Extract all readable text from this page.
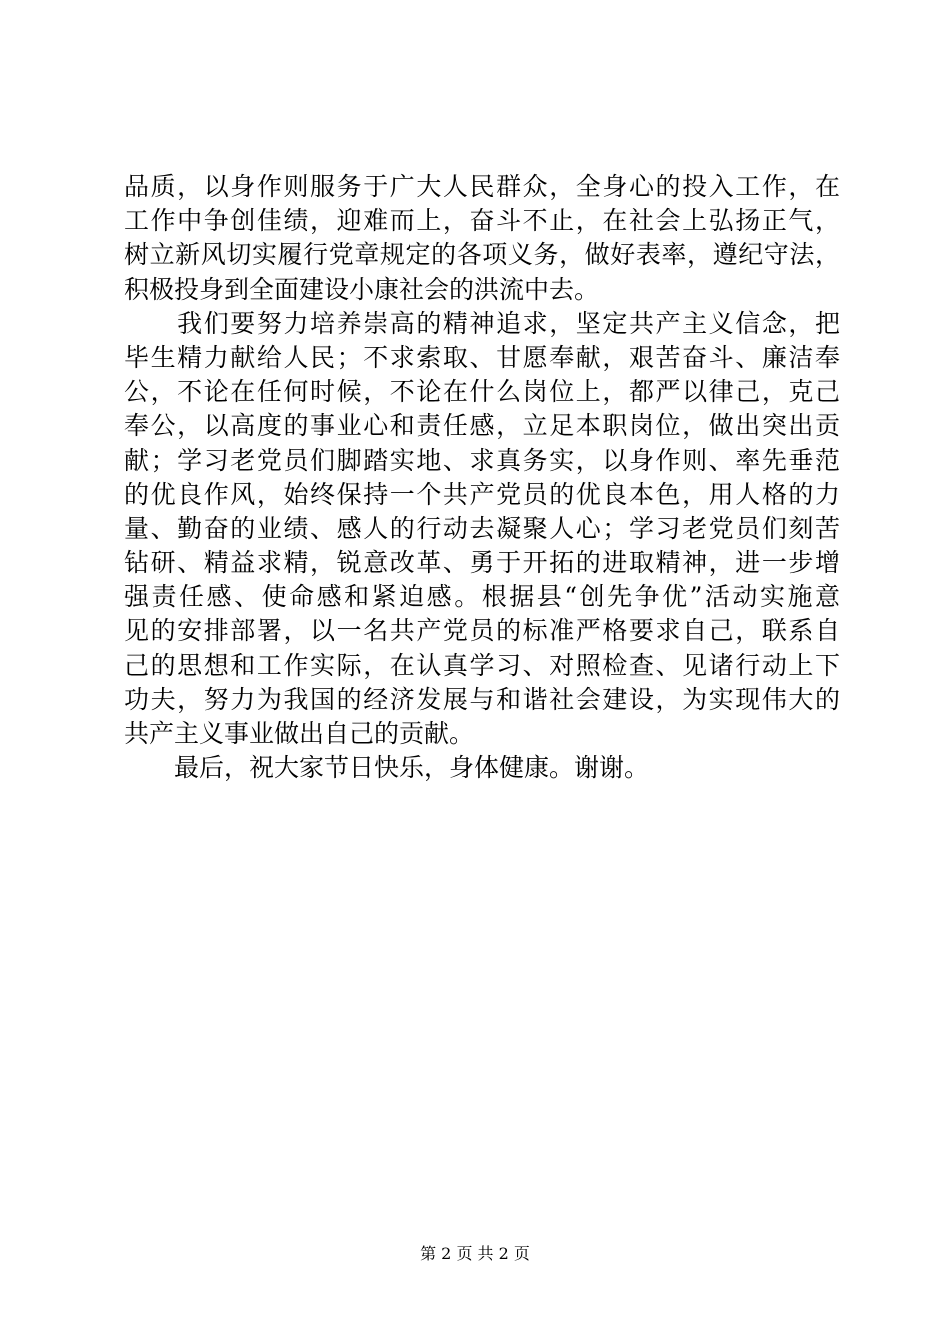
品质，以身作则服务于广大人民群众，全身心的投入工作，在
工作中争创佳绩，迎难而上，奋斗不止，在社会上弘扬正气，
树立新风切实履行党章规定的各项义务，做好表率，遵纪守法，
积极投身到全面建设小康社会的洪流中去。
　　我们要努力培养崇高的精神追求，坚定共产主义信念，把
毕生精力献给人民；不求索取、甘愿奉献，艰苦奋斗、廉洁奉
公，不论在任何时候，不论在什么岗位上，都严以律己，克己
奉公，以高度的事业心和责任感，立足本职岗位，做出突出贡
献；学习老党员们脚踏实地、求真务实，以身作则、率先垂范
的优良作风，始终保持一个共产党员的优良本色，用人格的力
量、勤奋的业绩、感人的行动去凝聚人心；学习老党员们刻苦
钻研、精益求精，锐意改革、勇于开拓的进取精神，进一步增
强责任感、使命感和紧迫感。根据县“创先争优”活动实施意
见的安排部署，以一名共产党员的标准严格要求自己，联系自
己的思想和工作实际，在认真学习、对照检查、见诸行动上下
功夫，努力为我国的经济发展与和谐社会建设，为实现伟大的
共产主义事业做出自己的贡献。
　　最后，祝大家节日快乐，身体健康。谢谢。
第 2 页 共 2 页
